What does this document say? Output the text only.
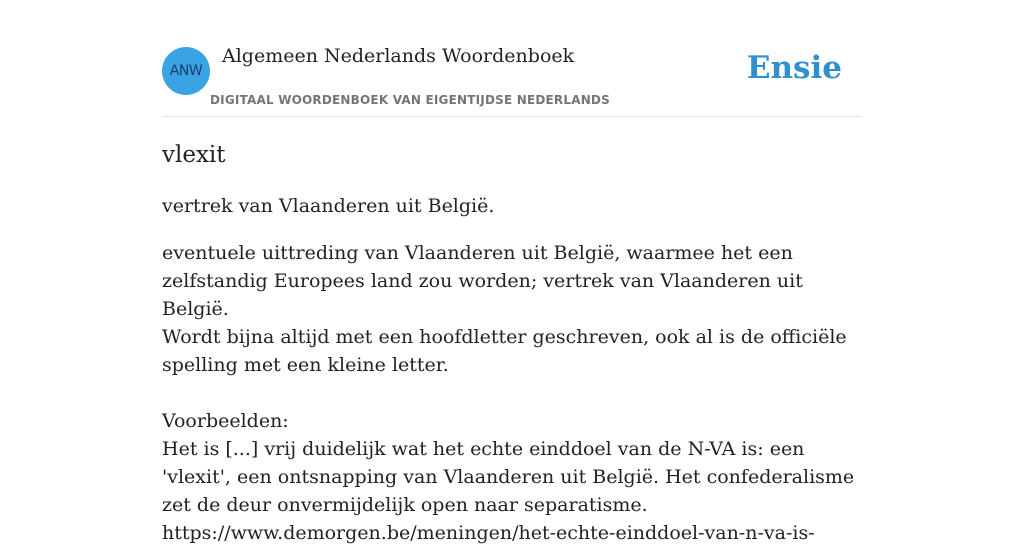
ANW
Algemeen Nederlands Woordenboek
DIGITAAL WOORDENBOEK VAN EIGENTIJDSE NEDERLANDS
Ensie
vlexit
vertrek van Vlaanderen uit België.

eventuele uittreding van Vlaanderen uit België, waarmee het een zelfstandig Europees land zou worden; vertrek van Vlaanderen uit België.

Wordt bijna altijd met een hoofdletter geschreven, ook al is de officiële spelling met een kleine letter.

Voorbeelden:

Het is [...] vrij duidelijk wat het echte einddoel van de N-VA is: een 'vlexit', een ontsnapping van Vlaanderen uit België. Het confederalisme zet de deur onvermijdelijk open naar separatisme.

https://www.demorgen.be/meningen/het-echte-einddoel-van-n-va-is-
